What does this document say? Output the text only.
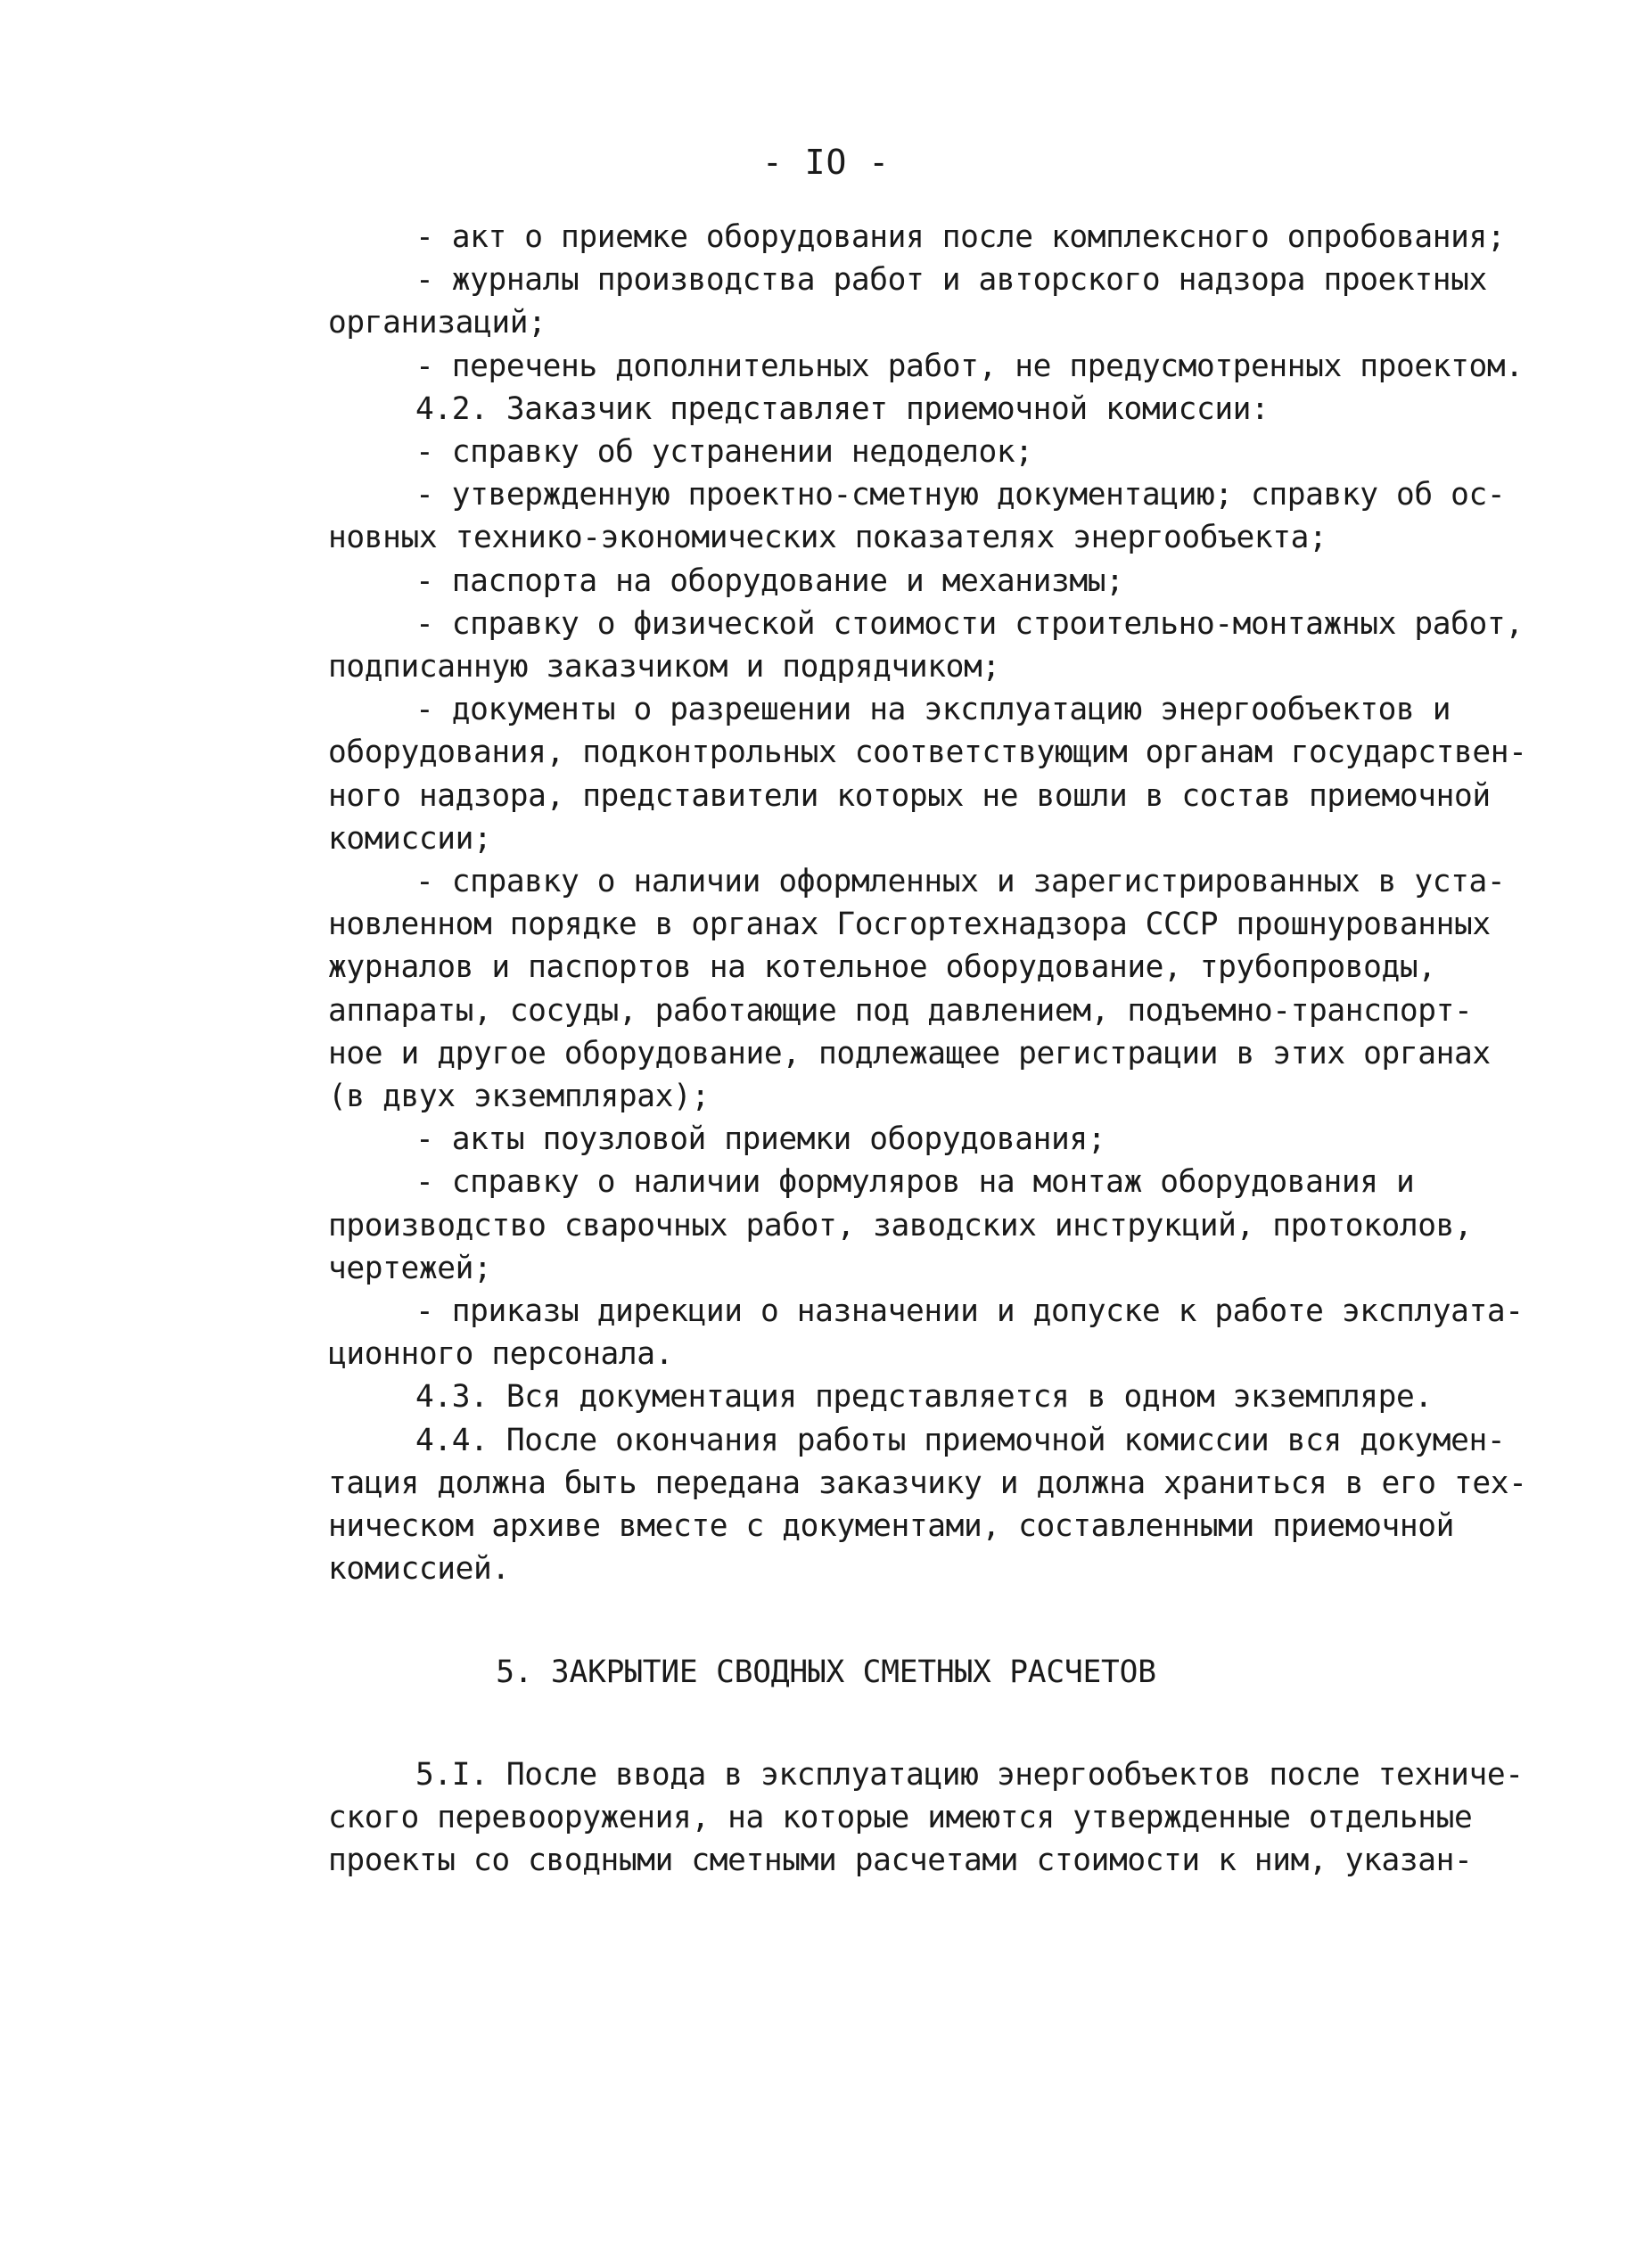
- IO -
- акт о приемке оборудования после комплексного опробования;
- журналы производства работ и авторского надзора проектных
организаций;
- перечень дополнительных работ, не предусмотренных проектом.
4.2. Заказчик представляет приемочной комиссии:
- справку об устранении недоделок;
- утвержденную проектно-сметную документацию; справку об ос-
новных технико-экономических показателях энергообъекта;
- паспорта на оборудование и механизмы;
- справку о физической стоимости строительно-монтажных работ,
подписанную заказчиком и подрядчиком;
- документы о разрешении на эксплуатацию энергообъектов и
оборудования, подконтрольных соответствующим органам государствен-
ного надзора, представители которых не вошли в состав приемочной
комиссии;
- справку о наличии оформленных и зарегистрированных в уста-
новленном порядке в органах Госгортехнадзора СССР прошнурованных
журналов и паспортов на котельное оборудование, трубопроводы,
аппараты, сосуды, работающие под давлением, подъемно-транспорт-
ное и другое оборудование, подлежащее регистрации в этих органах
(в двух экземплярах);
- акты поузловой приемки оборудования;
- справку о наличии формуляров на монтаж оборудования и
производство сварочных работ, заводских инструкций, протоколов,
чертежей;
- приказы дирекции о назначении и допуске к работе эксплуата-
ционного персонала.
4.3. Вся документация представляется в одном экземпляре.
4.4. После окончания работы приемочной комиссии вся докумен-
тация должна быть передана заказчику и должна храниться в его тех-
ническом архиве вместе с документами, составленными приемочной
комиссией.
5. ЗАКРЫТИЕ СВОДНЫХ СМЕТНЫХ РАСЧЕТОВ
5.I. После ввода в эксплуатацию энергообъектов после техниче-
ского перевооружения, на которые имеются утвержденные отдельные
проекты со сводными сметными расчетами стоимости к ним, указан-
